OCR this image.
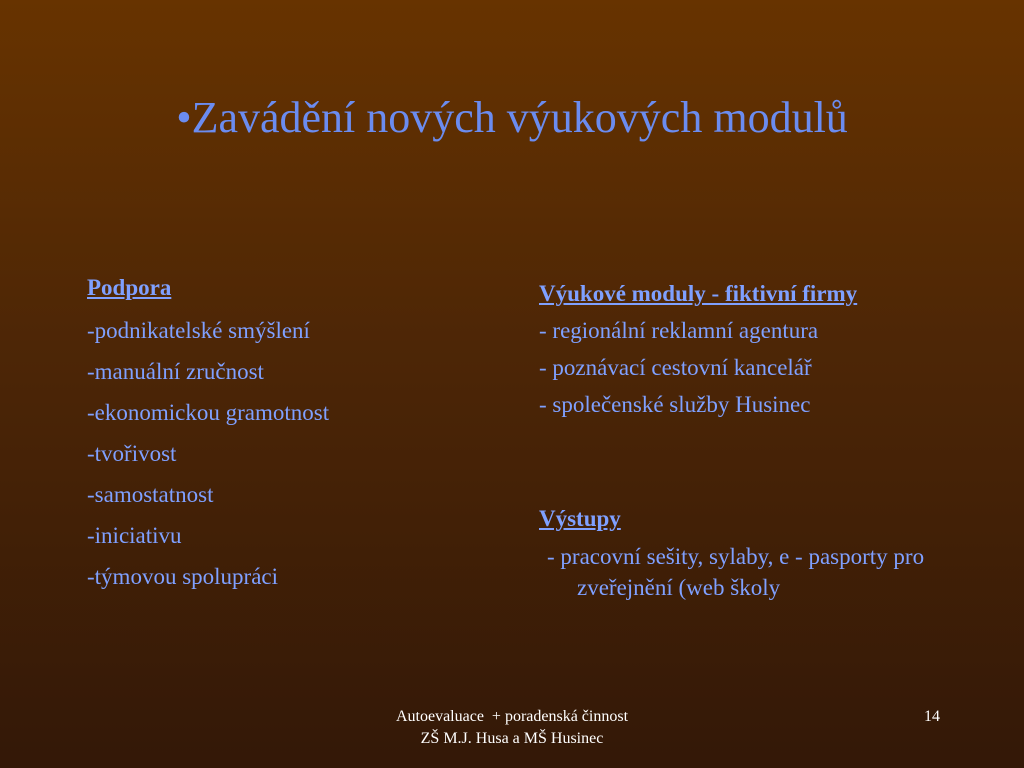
•Zavádění nových výukových modulů

Podpora

-podnikatelské smýšlení

-manuální zručnost

-ekonomickou gramotnost

-tvořivost

-samostatnost

-iniciativu

-týmovou spolupráci

Výukové moduly - fiktivní firmy

- regionální reklamní agentura

- poznávací cestovní kancelář

- společenské služby Husinec

Výstupy

- pracovní sešity, sylaby, e - pasporty pro zveřejnění (web školy

Autoevaluace  + poradenská činnost
ZŠ M.J. Husa a MŠ Husinec
14
